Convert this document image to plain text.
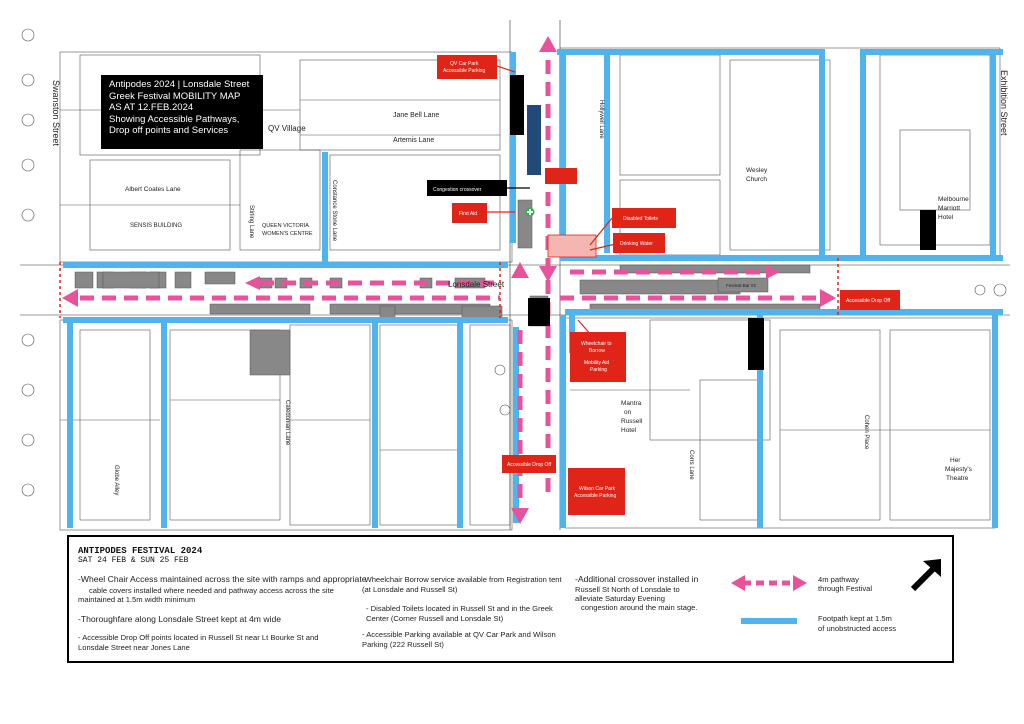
Swanston Street	Exhibition Street
Lonsdale Street
Jane Bell Lane
Artemis Lane
Albert Coates Lane
Stirling Lane	Constance Stone Lane
Hollywell Lane
Globe Alley
Caledonian Lane
Corrs Lane
Cohen Place
QV Village
SENSIS BUILDING	QUEEN VICTORIA
WOMEN'S CENTRE
Wesley
Church
Melbourne
Marriott
Hotel
Mantra
on
Russell
Hotel
Her
Majesty's
Theatre
QV Car Park
Accessible Parking
First Aid
Congestion crossover
Disabled Toilets
Drinking Water
Accessible Drop Off
Wheelchair to
Borrow
Mobility Aid
Parking
Accessible Drop Off
Wilson Car Park
Accessible Parking
Festival Bar #2
Antipodes 2024 | Lonsdale Street
Greek Festival MOBILITY MAP
AS AT 12.FEB.2024
Showing Accessible Pathways,
Drop off points and Services
ANTIPODES FESTIVAL 2024
SAT 24 FEB & SUN 25 FEB
-Wheel Chair Access maintained across the site with ramps and appropriate
cable covers installed where needed and pathway access across the site
maintained at 1.5m width minimum
-Thoroughfare along Lonsdale Street kept at 4m wide
- Accessible Drop Off points located in Russell St near Lt Bourke St and
Lonsdale Street near Jones Lane
-Wheelchair Borrow service available from Registration tent
(at Lonsdale and Russell St)
- Disabled Toilets located in Russell St and in the Greek
Center (Corner Russell and Lonsdale St)
- Accessible Parking available at QV Car Park and Wilson
Parking (222 Russell St)
-Additional crossover installed in
Russell St North of Lonsdale to
alleviate Saturday Evening
congestion around the main stage.
4m pathway
through Festival
Footpath kept at 1.5m
of unobstructed access
